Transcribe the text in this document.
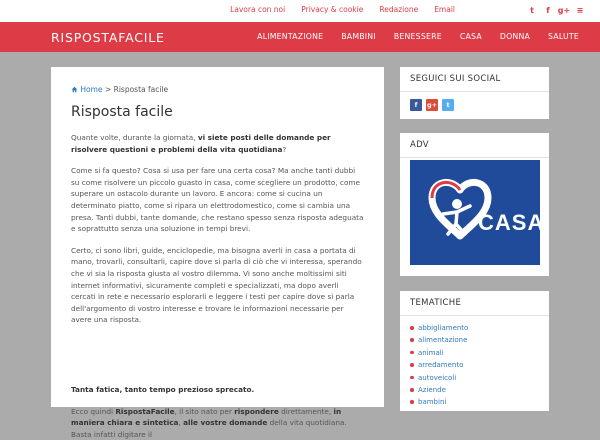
Lavora con noi Privacy & cookie Redazione Email	t	f	g+ ≡
RISPOSTAFACILE	ALIMENTAZIONE	BAMBINI	BENESSERE	CASA	DONNA	SALUTE
Home > Risposta facile
Risposta facile

Quante volte, durante la giornata, vi siete posti delle domande per risolvere questioni e problemi della vita quotidiana?

Come si fa questo? Cosa si usa per fare una certa cosa? Ma anche tanti dubbi su come risolvere un piccolo guasto in casa, come scegliere un prodotto, come superare un ostacolo durante un lavoro. E ancora: come si cucina un determinato piatto, come si ripara un elettrodomestico, come si cambia una presa. Tanti dubbi, tante domande, che restano spesso senza risposta adeguata e soprattutto senza una soluzione in tempi brevi.

Certo, ci sono libri, guide, enciclopedie, ma bisogna averli in casa a portata di mano, trovarli, consultarli, capire dove si parla di ciò che vi interessa, sperando che vi sia la risposta giusta al vostro dilemma. Vi sono anche moltissimi siti internet informativi, sicuramente completi e specializzati, ma dopo averli cercati in rete e necessario esplorarli e leggere i testi per capire dove si parla dell'argomento di vostro interesse e trovare le informazioni necessarie per avere una risposta.

Tanta fatica, tanto tempo prezioso sprecato.

Ecco quindi RispostaFacile, il sito nato per rispondere direttamente, in maniera chiara e sintetica, alle vostre domande della vita quotidiana. Basta infatti digitare il

SEGUICI SUI SOCIAL
f	g+	t
ADV
CASA
TEMATICHE
abbigliamento
alimentazione
animali
arredamento
autoveicoli
Aziende
bambini
